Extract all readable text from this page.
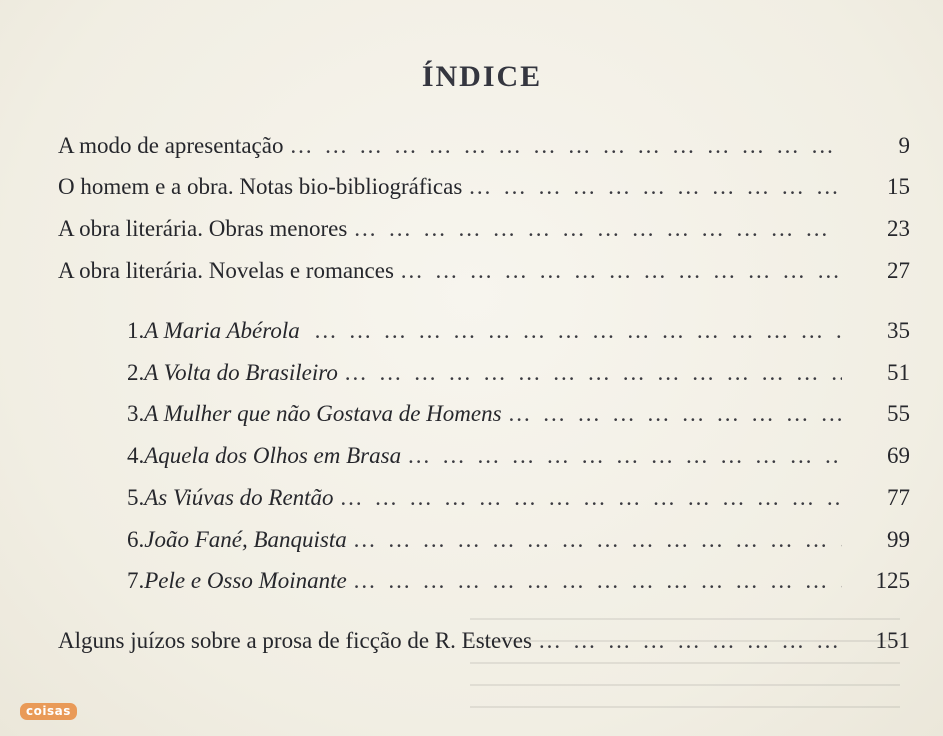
ÍNDICE
A modo de apresentação … … … … … … … … … … … … … … … … … … … … … … … … … … … … … … … …	9
O homem e a obra. Notas bio-bibliográficas … … … … … … … … … … … … … … … … … … … … … … … … … … … … … … … …	15
A obra literária. Obras menores … … … … … … … … … … … … … … … … … … … … … … … … … … … … … … … …	23
A obra literária. Novelas e romances … … … … … … … … … … … … … … … … … … … … … … … … … … … … … … … …	27
1. A Maria Abérola … … … … … … … … … … … … … … … … … … … … … … … … … … … … … … … …	35
2. A Volta do Brasileiro … … … … … … … … … … … … … … … … … … … … … … … … … … … … … … … …	51
3. A Mulher que não Gostava de Homens … … … … … … … … … … … … … … … … … … … … … … … … … … … … … … … …	55
4. Aquela dos Olhos em Brasa … … … … … … … … … … … … … … … … … … … … … … … … … … … … … … … …	69
5. As Viúvas do Rentão … … … … … … … … … … … … … … … … … … … … … … … … … … … … … … … …	77
6. João Fané, Banquista … … … … … … … … … … … … … … … … … … … … … … … … … … … … … … … …	99
7. Pele e Osso Moinante … … … … … … … … … … … … … … … … … … … … … … … … … … … … … … … …	125
Alguns juízos sobre a prosa de ficção de R. Esteves … … … … … … … … … … … … … … … … … … … … … … … … … … … … … … … …	151
coisas
